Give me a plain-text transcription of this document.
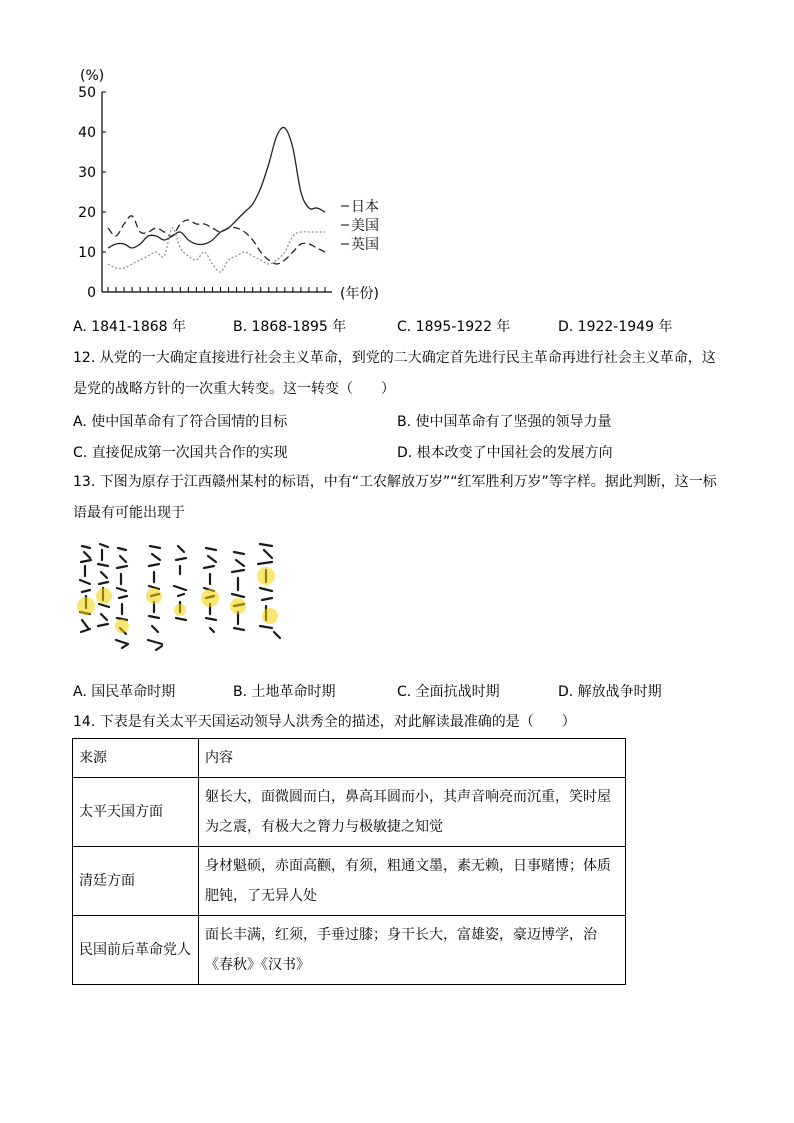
(%)
50
40
30
20
10
0
日本
美国
英国
(年份)
A. 1841-1868 年	B. 1868-1895 年	C. 1895-1922 年	D. 1922-1949 年
12. 从党的一大确定直接进行社会主义革命，到党的二大确定首先进行民主革命再进行社会主义革命，这是党的战略方针的一次重大转变。这一转变（　　）
A. 使中国革命有了符合国情的目标	B. 使中国革命有了坚强的领导力量
C. 直接促成第一次国共合作的实现	D. 根本改变了中国社会的发展方向
13. 下图为原存于江西赣州某村的标语，中有“工农解放万岁”“红军胜利万岁”等字样。据此判断，这一标语最有可能出现于
A. 国民革命时期	B. 土地革命时期	C. 全面抗战时期	D. 解放战争时期
14. 下表是有关太平天国运动领导人洪秀全的描述，对此解读最准确的是（　　）
来源	内容
太平天国方面	躯长大，面微圆而白，鼻高耳圆而小，其声音响亮而沉重，笑时屋为之震，有极大之膂力与极敏捷之知觉
清廷方面	身材魁硕，赤面高颧，有须，粗通文墨，素无赖，日事赌博；体质肥钝，了无异人处
民国前后革命党人	面长丰满，红须，手垂过膝；身干长大，富雄姿，豪迈博学，治《春秋》《汉书》
